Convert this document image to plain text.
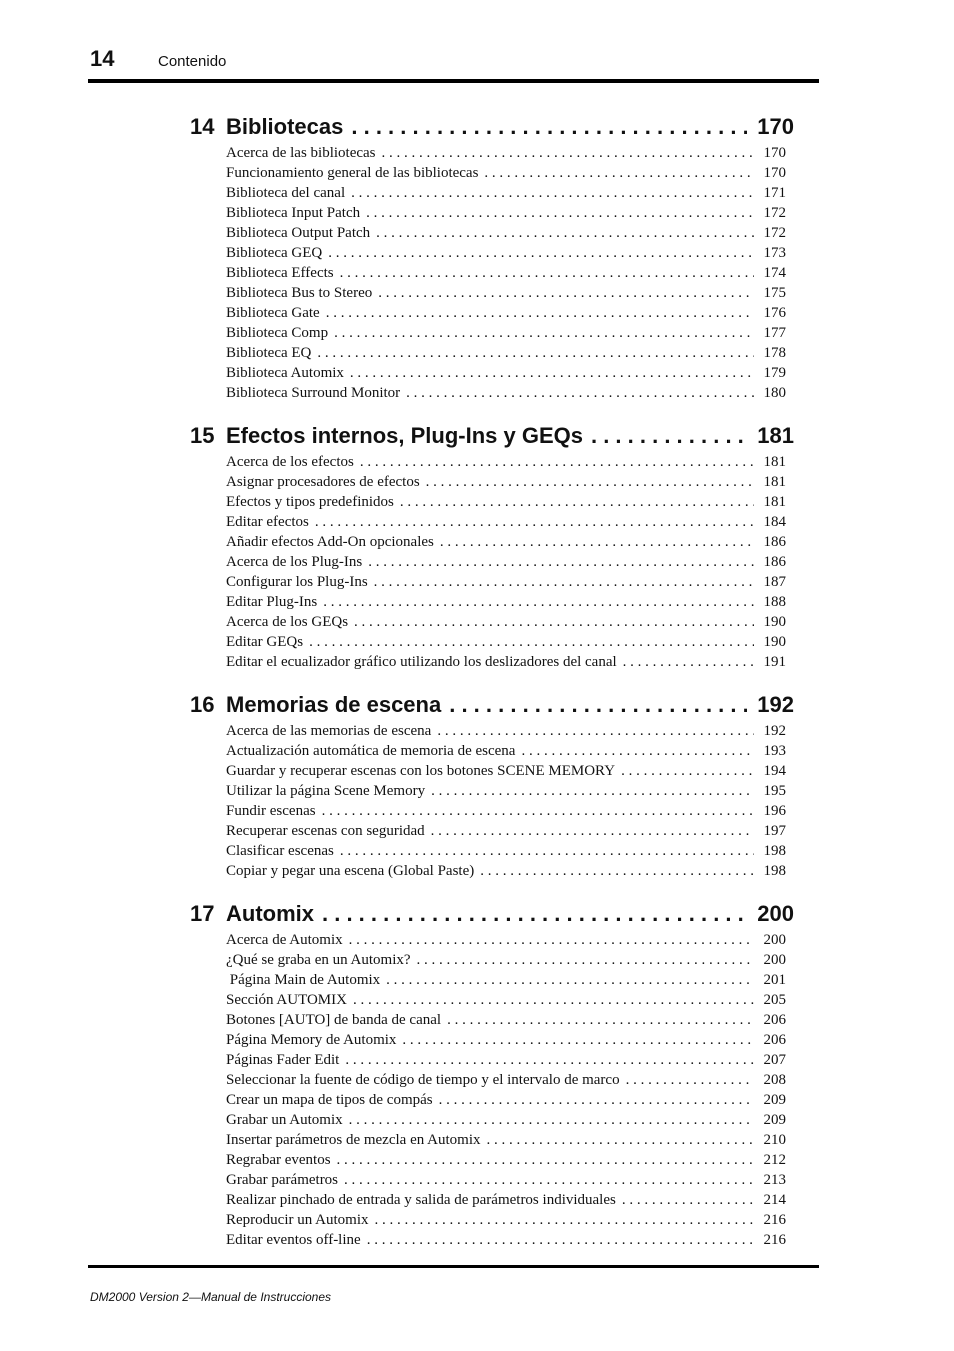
14	Contenido
14 Bibliotecas . . .	170
Acerca de las bibliotecas . . .	170
Funcionamiento general de las bibliotecas . . .	170
Biblioteca del canal . . .	171
Biblioteca Input Patch . . .	172
Biblioteca Output Patch . . .	172
Biblioteca GEQ . . .	173
Biblioteca Effects . . .	174
Biblioteca Bus to Stereo . . .	175
Biblioteca Gate . . .	176
Biblioteca Comp . . .	177
Biblioteca EQ . . .	178
Biblioteca Automix . . .	179
Biblioteca Surround Monitor . . .	180
15 Efectos internos, Plug-Ins y GEQs . . .	181
Acerca de los efectos . . .	181
Asignar procesadores de efectos . . .	181
Efectos y tipos predefinidos . . .	181
Editar efectos . . .	184
Añadir efectos Add-On opcionales . . .	186
Acerca de los Plug-Ins . . .	186
Configurar los Plug-Ins . . .	187
Editar Plug-Ins . . .	188
Acerca de los GEQs . . .	190
Editar GEQs . . .	190
Editar el ecualizador gráfico utilizando los deslizadores del canal . . .	191
16 Memorias de escena . . .	192
Acerca de las memorias de escena . . .	192
Actualización automática de memoria de escena . . .	193
Guardar y recuperar escenas con los botones SCENE MEMORY . . .	194
Utilizar la página Scene Memory . . .	195
Fundir escenas . . .	196
Recuperar escenas con seguridad . . .	197
Clasificar escenas . . .	198
Copiar y pegar una escena (Global Paste) . . .	198
17 Automix . . .	200
Acerca de Automix . . .	200
¿Qué se graba en un Automix? . . .	200
Página Main de Automix . . .	201
Sección AUTOMIX . . .	205
Botones [AUTO] de banda de canal . . .	206
Página Memory de Automix . . .	206
Páginas Fader Edit . . .	207
Seleccionar la fuente de código de tiempo y el intervalo de marco . . .	208
Crear un mapa de tipos de compás . . .	209
Grabar un Automix . . .	209
Insertar parámetros de mezcla en Automix . . .	210
Regrabar eventos . . .	212
Grabar parámetros . . .	213
Realizar pinchado de entrada y salida de parámetros individuales . . .	214
Reproducir un Automix . . .	216
Editar eventos off-line . . .	216
DM2000 Version 2—Manual de Instrucciones
